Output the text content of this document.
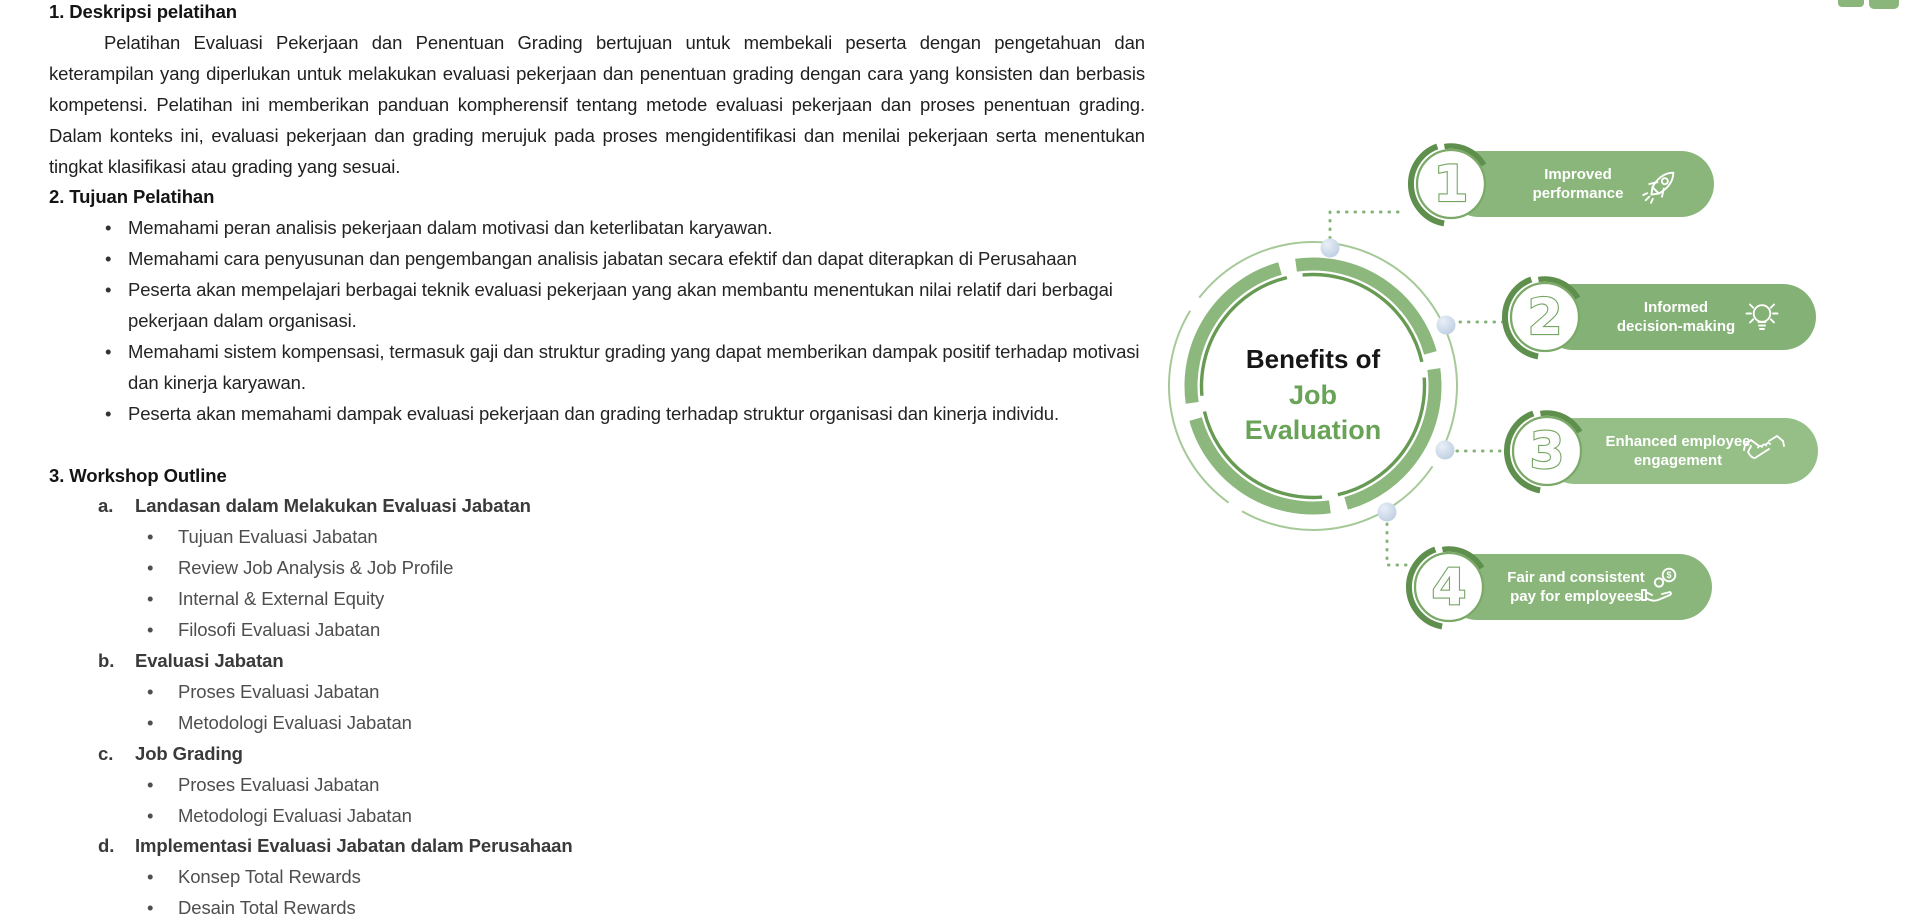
1. Deskripsi pelatihan
Pelatihan Evaluasi Pekerjaan dan Penentuan Grading bertujuan untuk membekali peserta dengan pengetahuan dan keterampilan yang diperlukan untuk melakukan evaluasi pekerjaan dan penentuan grading dengan cara yang konsisten dan berbasis kompetensi. Pelatihan ini memberikan panduan kompherensif tentang metode evaluasi pekerjaan dan proses penentuan grading. Dalam konteks ini, evaluasi pekerjaan dan grading merujuk pada proses mengidentifikasi dan menilai pekerjaan serta menentukan tingkat klasifikasi atau grading yang sesuai.
2. Tujuan Pelatihan
• Memahami peran analisis pekerjaan dalam motivasi dan keterlibatan karyawan.
• Memahami cara penyusunan dan pengembangan analisis jabatan secara efektif dan dapat diterapkan di Perusahaan
• Peserta akan mempelajari berbagai teknik evaluasi pekerjaan yang akan membantu menentukan nilai relatif dari berbagai pekerjaan dalam organisasi.
• Memahami sistem kompensasi, termasuk gaji dan struktur grading yang dapat memberikan dampak positif terhadap motivasi dan kinerja karyawan.
• Peserta akan memahami dampak evaluasi pekerjaan dan grading terhadap struktur organisasi dan kinerja individu.
3. Workshop Outline
a. Landasan dalam Melakukan Evaluasi Jabatan
• Tujuan Evaluasi Jabatan
• Review Job Analysis & Job Profile
• Internal & External Equity
• Filosofi Evaluasi Jabatan
b. Evaluasi Jabatan
• Proses Evaluasi Jabatan
• Metodologi Evaluasi Jabatan
c. Job Grading
• Proses Evaluasi Jabatan
• Metodologi Evaluasi Jabatan
d. Implementasi Evaluasi Jabatan dalam Perusahaan
• Konsep Total Rewards
• Desain Total Rewards
Benefits of
Job
Evaluation
1	Improved
performance
2	Informed
decision-making
3	Enhanced employee
engagement
4	Fair and consistent
pay for employees
$
